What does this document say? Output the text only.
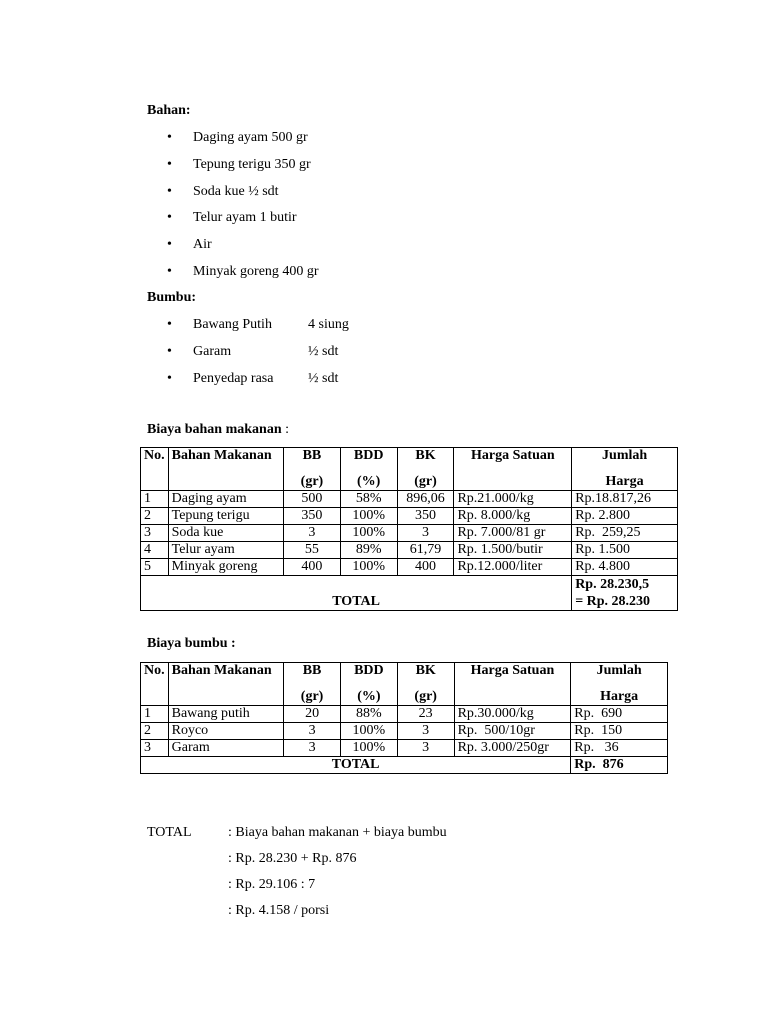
Bahan:
• Daging ayam 500 gr
• Tepung terigu 350 gr
• Soda kue ½ sdt
• Telur ayam 1 butir
• Air
• Minyak goreng 400 gr
Bumbu:
• Bawang Putih	4 siung
• Garam	½ sdt
• Penyedap rasa ½ sdt
Biaya bahan makanan :
No.	Bahan Makanan	BB	BDD	BK	Harga Satuan	Jumlah
		(gr)	(%)	(gr)		Harga
1	Daging ayam	500	58%	896,06	Rp.21.000/kg	Rp.18.817,26
2	Tepung terigu	350	100%	350	Rp. 8.000/kg	Rp. 2.800
3	Soda kue	3	100%	3	Rp. 7.000/81 gr	Rp.  259,25
4	Telur ayam	55	89%	61,79	Rp. 1.500/butir	Rp. 1.500
5	Minyak goreng	400	100%	400	Rp.12.000/liter	Rp. 4.800
TOTAL						Rp. 28.230,5
= Rp. 28.230
Biaya bumbu :
No.	Bahan Makanan	BB	BDD	BK	Harga Satuan	Jumlah
		(gr)	(%)	(gr)		Harga
1	Bawang putih	20	88%	23	Rp.30.000/kg	Rp.  690
2	Royco	3	100%	3	Rp.  500/10gr	Rp.  150
3	Garam	3	100%	3	Rp. 3.000/250gr	Rp.   36
TOTAL						Rp.  876
TOTAL	: Biaya bahan makanan + biaya bumbu
: Rp. 28.230 + Rp. 876
: Rp. 29.106 : 7
: Rp. 4.158 / porsi
